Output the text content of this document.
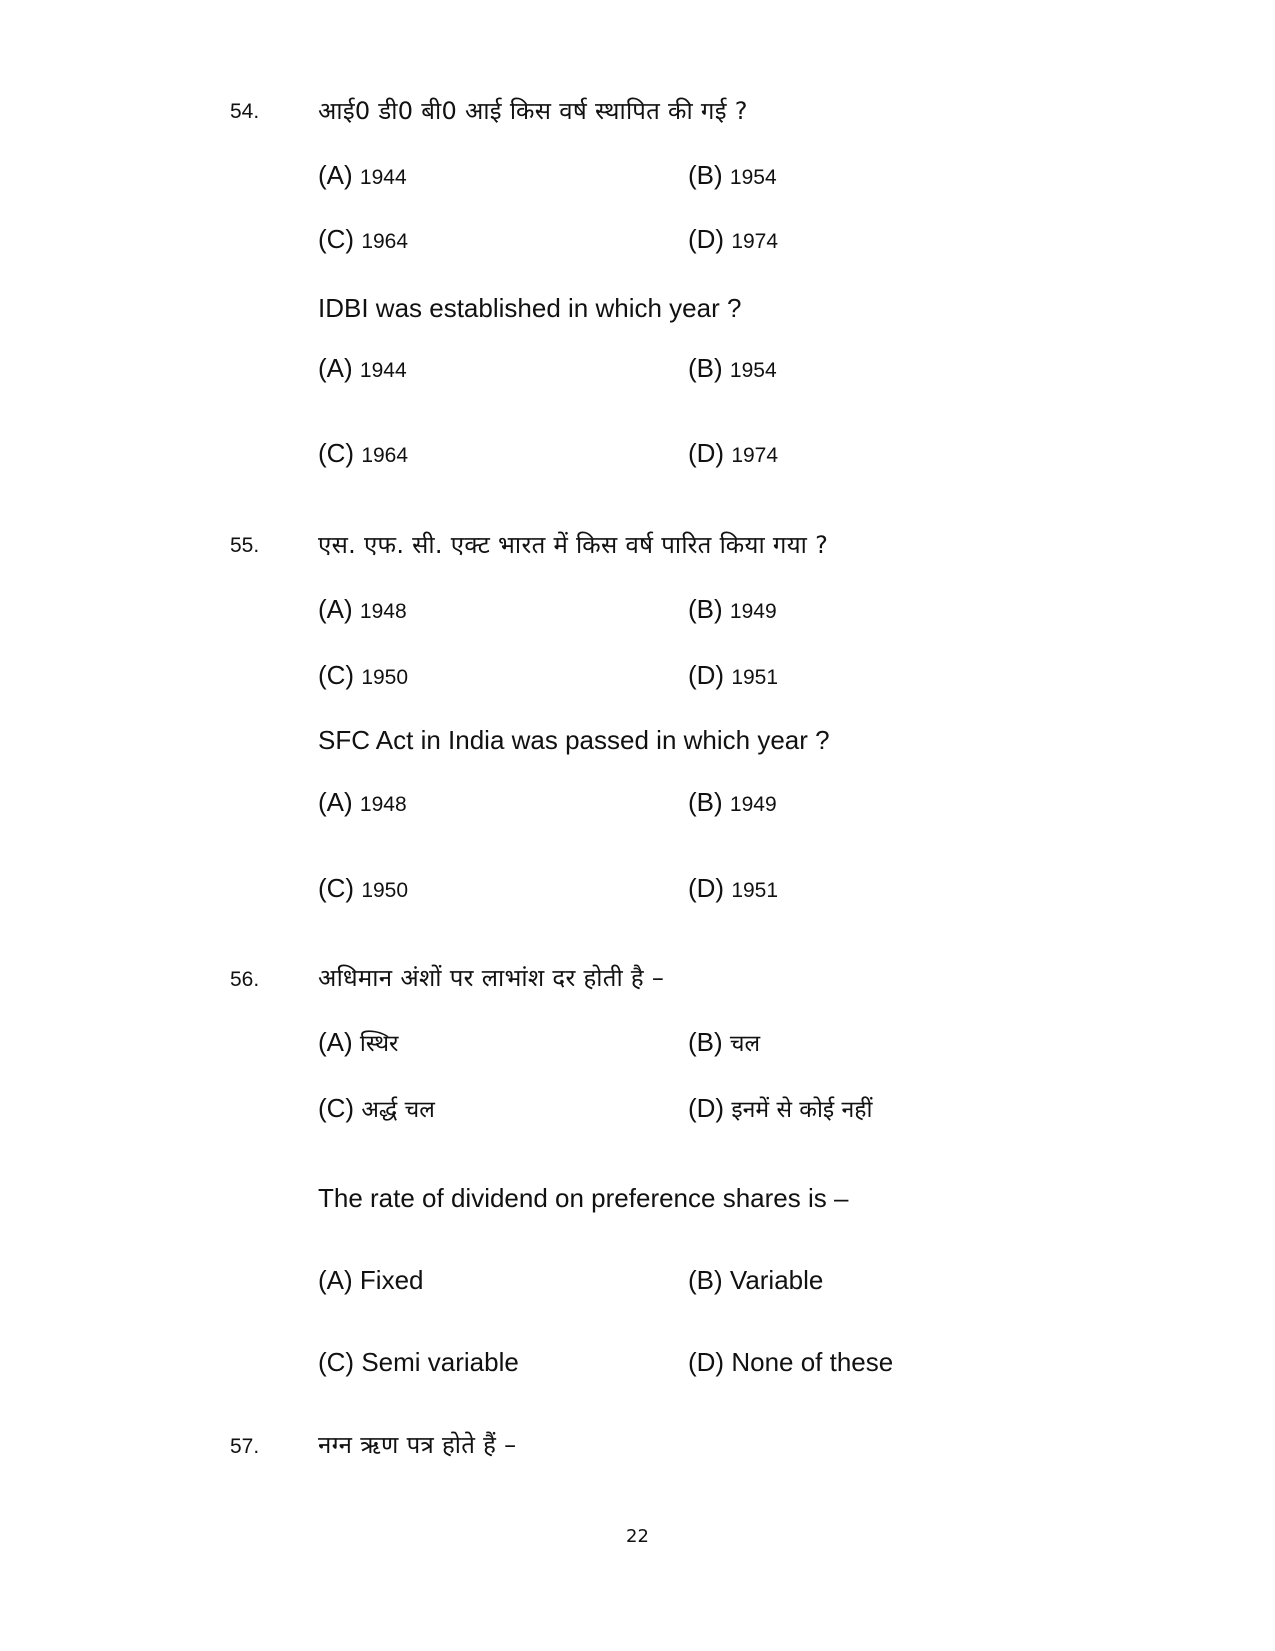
54. आई0 डी0 बी0 आई किस वर्ष स्थापित की गई ?
(A) 1944	(B) 1954
(C) 1964	(D) 1974
IDBI was established in which year ?
(A) 1944	(B) 1954
(C) 1964	(D) 1974
55. एस. एफ. सी. एक्ट भारत में किस वर्ष पारित किया गया ?
(A) 1948	(B) 1949
(C) 1950	(D) 1951
SFC Act in India was passed in which year ?
(A) 1948	(B) 1949
(C) 1950	(D) 1951
56. अधिमान अंशों पर लाभांश दर होती है –
(A) स्थिर	(B) चल
(C) अर्द्ध चल	(D) इनमें से कोई नहीं
The rate of dividend on preference shares is –
(A) Fixed	(B) Variable
(C) Semi variable	(D) None of these
57. नग्न ऋण पत्र होते हैं –
22
